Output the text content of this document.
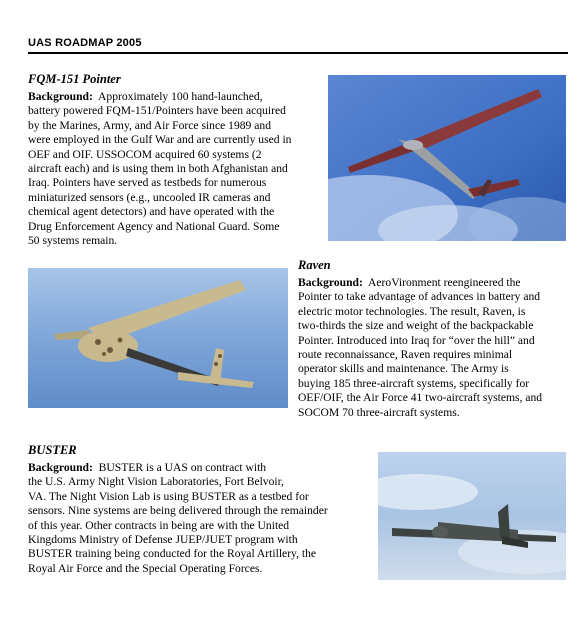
UAS ROADMAP 2005
FQM-151 Pointer
Background: Approximately 100 hand-launched,
battery powered FQM-151/Pointers have been acquired
by the Marines, Army, and Air Force since 1989 and
were employed in the Gulf War and are currently used in
OEF and OIF. USSOCOM acquired 60 systems (2
aircraft each) and is using them in both Afghanistan and
Iraq. Pointers have served as testbeds for numerous
miniaturized sensors (e.g., uncooled IR cameras and
chemical agent detectors) and have operated with the
Drug Enforcement Agency and National Guard. Some
50 systems remain.
Raven
Background: AeroVironment reengineered the
Pointer to take advantage of advances in battery and
electric motor technologies. The result, Raven, is
two-thirds the size and weight of the backpackable
Pointer. Introduced into Iraq for “over the hill” and
route reconnaissance, Raven requires minimal
operator skills and maintenance. The Army is
buying 185 three-aircraft systems, specifically for
OEF/OIF, the Air Force 41 two-aircraft systems, and
SOCOM 70 three-aircraft systems.
BUSTER
Background: BUSTER is a UAS on contract with
the U.S. Army Night Vision Laboratories, Fort Belvoir,
VA. The Night Vision Lab is using BUSTER as a testbed for
sensors. Nine systems are being delivered through the remainder
of this year. Other contracts in being are with the United
Kingdoms Ministry of Defense JUEP/JUET program with
BUSTER training being conducted for the Royal Artillery, the
Royal Air Force and the Special Operating Forces.
